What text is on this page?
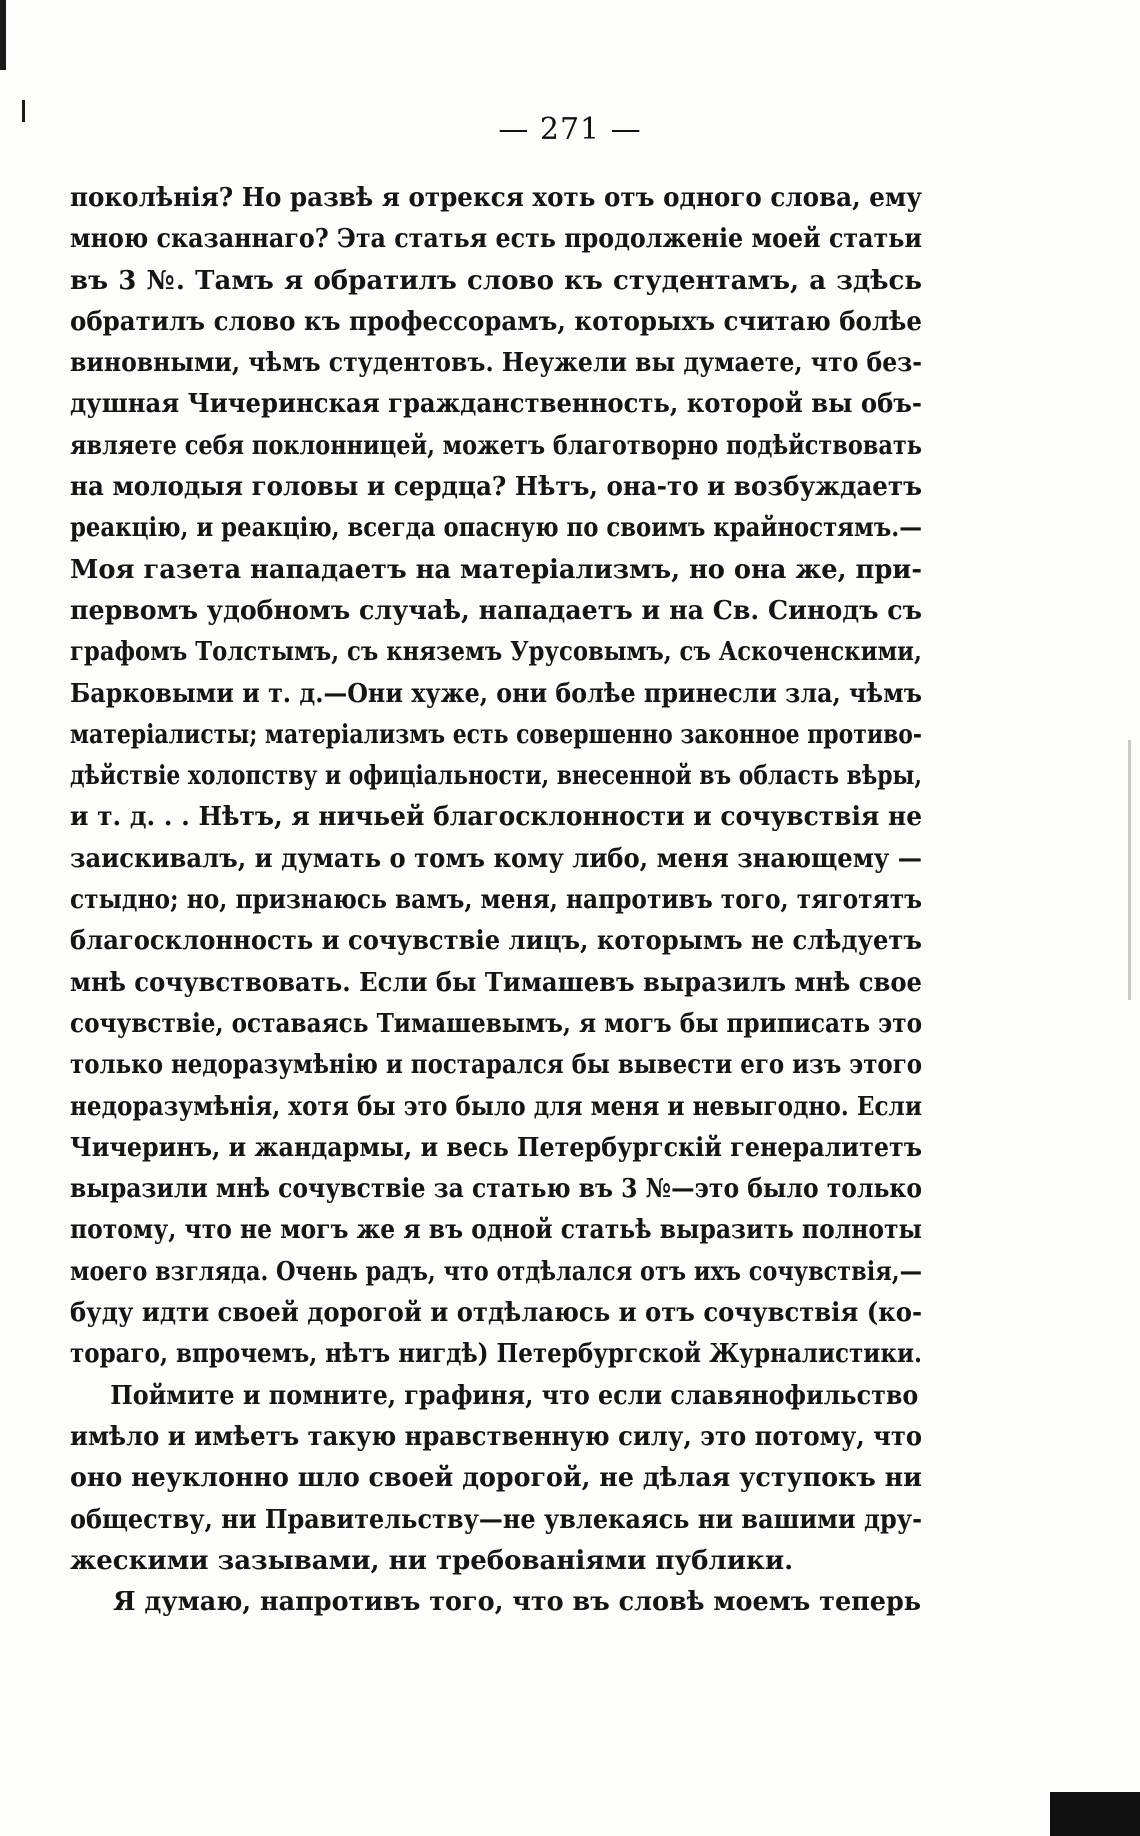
— 271 —
поколѣнія? Но развѣ я отрекся хоть отъ одного слова, ему
мною сказаннаго? Эта статья есть продолженіе моей статьи
въ 3 №. Тамъ я обратилъ слово къ студентамъ, а здѣсь
обратилъ слово къ профессорамъ, которыхъ считаю болѣе
виновными, чѣмъ студентовъ. Неужели вы думаете, что без-
душная Чичеринская гражданственность, которой вы объ-
являете себя поклонницей, можетъ благотворно подѣйствовать
на молодыя головы и сердца? Нѣтъ, она-то и возбуждаетъ
реакцію, и реакцію, всегда опасную по своимъ крайностямъ.—
Моя газета нападаетъ на матеріализмъ, но она же, при-
первомъ удобномъ случаѣ, нападаетъ и на Св. Синодъ съ
графомъ Толстымъ, съ княземъ Урусовымъ, съ Аскоченскими,
Барковыми и т. д.—Они хуже, они болѣе принесли зла, чѣмъ
матеріалисты; матеріализмъ есть совершенно законное противо-
дѣйствіе холопству и офиціальности, внесенной въ область вѣры,
и т. д. . . Нѣтъ, я ничьей благосклонности и сочувствія не
заискивалъ, и думать о томъ кому либо, меня знающему —
стыдно; но, признаюсь вамъ, меня, напротивъ того, тяготятъ
благосклонность и сочувствіе лицъ, которымъ не слѣдуетъ
мнѣ сочувствовать. Если бы Тимашевъ выразилъ мнѣ свое
сочувствіе, оставаясь Тимашевымъ, я могъ бы приписать это
только недоразумѣнію и постарался бы вывести его изъ этого
недоразумѣнія, хотя бы это было для меня и невыгодно. Если
Чичеринъ, и жандармы, и весь Петербургскій генералитетъ
выразили мнѣ сочувствіе за статью въ 3 №—это было только
потому, что не могъ же я въ одной статьѣ выразить полноты
моего взгляда. Очень радъ, что отдѣлался отъ ихъ сочувствія,—
буду идти своей дорогой и отдѣлаюсь и отъ сочувствія (ко-
тораго, впрочемъ, нѣтъ нигдѣ) Петербургской Журналистики.
Поймите и помните, графиня, что если славянофильство
имѣло и имѣетъ такую нравственную силу, это потому, что
оно неуклонно шло своей дорогой, не дѣлая уступокъ ни
обществу, ни Правительству—не увлекаясь ни вашими дру-
жескими зазывами, ни требованіями публики.
Я думаю, напротивъ того, что въ словѣ моемъ теперь
